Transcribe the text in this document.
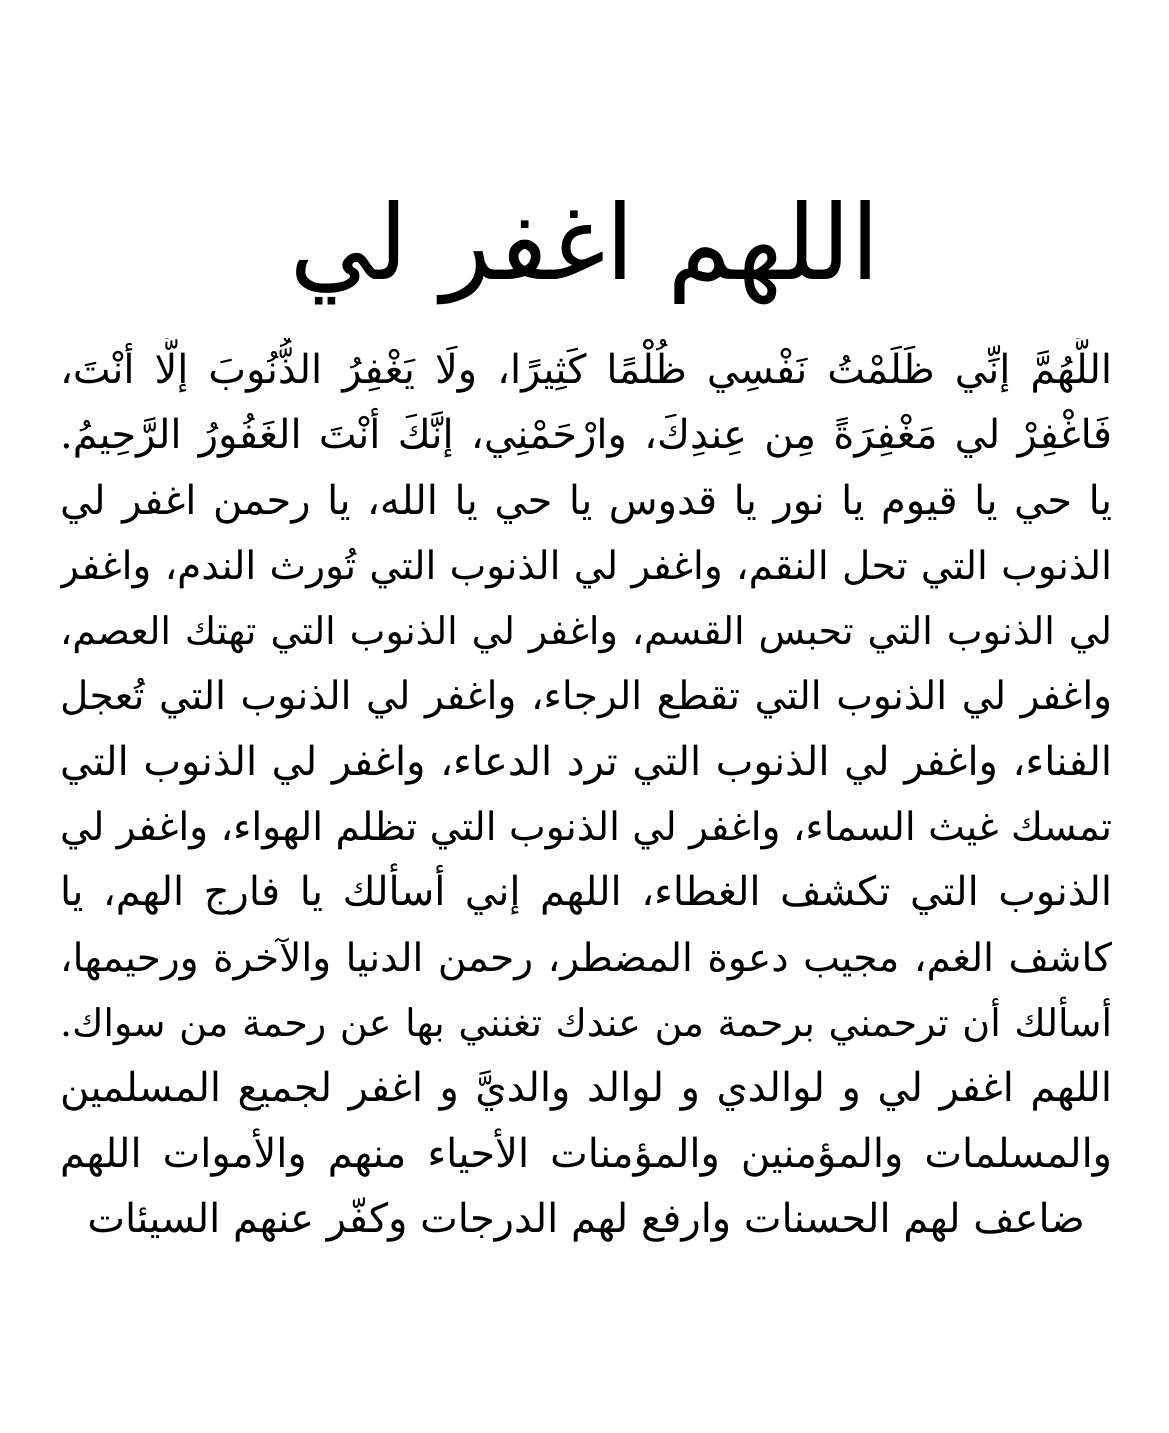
اللهم اغفر لي
اللَّهُمَّ إنِّي ظَلَمْتُ نَفْسِي ظُلْمًا كَثِيرًا، ولَا يَغْفِرُ الذُّنُوبَ إلَّا أنْتَ،
فَاغْفِرْ لي مَغْفِرَةً مِن عِندِكَ، وارْحَمْنِي، إنَّكَ أنْتَ الغَفُورُ الرَّحِيمُ.
يا حي يا قيوم يا نور يا قدوس يا حي يا الله، يا رحمن اغفر لي
الذنوب التي تحل النقم، واغفر لي الذنوب التي تُورث الندم، واغفر
لي الذنوب التي تحبس القسم، واغفر لي الذنوب التي تهتك العصم،
واغفر لي الذنوب التي تقطع الرجاء، واغفر لي الذنوب التي تُعجل
الفناء، واغفر لي الذنوب التي ترد الدعاء، واغفر لي الذنوب التي
تمسك غيث السماء، واغفر لي الذنوب التي تظلم الهواء، واغفر لي
الذنوب التي تكشف الغطاء، اللهم إني أسألك يا فارج الهم، يا
كاشف الغم، مجيب دعوة المضطر، رحمن الدنيا والآخرة ورحيمها،
أسألك أن ترحمني برحمة من عندك تغنني بها عن رحمة من سواك.
اللهم اغفر لي و لوالدي و لوالد والديَّ و اغفر لجميع المسلمين
والمسلمات والمؤمنين والمؤمنات الأحياء منهم والأموات اللهم
ضاعف لهم الحسنات وارفع لهم الدرجات وكفّر عنهم السيئات
